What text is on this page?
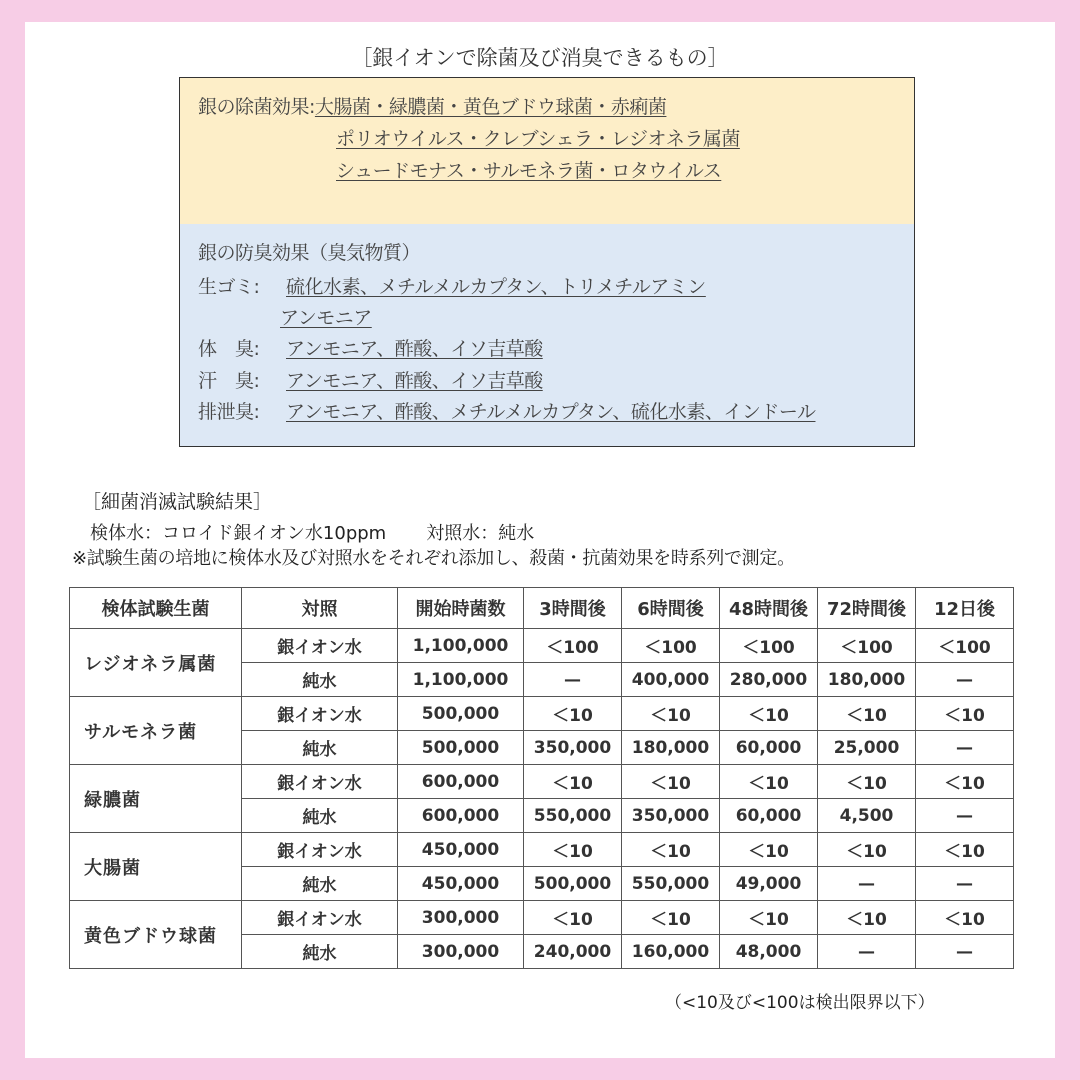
［銀イオンで除菌及び消臭できるもの］
銀の除菌効果:大腸菌・緑膿菌・黄色ブドウ球菌・赤痢菌
ポリオウイルス・クレブシェラ・レジオネラ属菌
シュードモナス・サルモネラ菌・ロタウイルス
銀の防臭効果（臭気物質）
生ゴミ: 硫化水素、メチルメルカプタン、トリメチルアミン
アンモニア
体　臭: アンモニア、酢酸、イソ吉草酸
汗　臭: アンモニア、酢酸、イソ吉草酸
排泄臭: アンモニア、酢酸、メチルメルカプタン、硫化水素、インドール
［細菌消滅試験結果］
検体水：コロイド銀イオン水10ppm 対照水：純水
※試験生菌の培地に検体水及び対照水をそれぞれ添加し、殺菌・抗菌効果を時系列で測定。
検体試験生菌	対照	開始時菌数	3時間後	6時間後	48時間後	72時間後	12日後
レジオネラ属菌	銀イオン水	1,100,000	＜100	＜100	＜100	＜100	＜100
	純水	1,100,000	—	400,000	280,000	180,000	—
サルモネラ菌	銀イオン水	500,000	＜10	＜10	＜10	＜10	＜10
	純水	500,000	350,000	180,000	60,000	25,000	—
緑膿菌	銀イオン水	600,000	＜10	＜10	＜10	＜10	＜10
	純水	600,000	550,000	350,000	60,000	4,500	—
大腸菌	銀イオン水	450,000	＜10	＜10	＜10	＜10	＜10
	純水	450,000	500,000	550,000	49,000	—	—
黄色ブドウ球菌	銀イオン水	300,000	＜10	＜10	＜10	＜10	＜10
	純水	300,000	240,000	160,000	48,000	—	—
（<10及び<100は検出限界以下）
